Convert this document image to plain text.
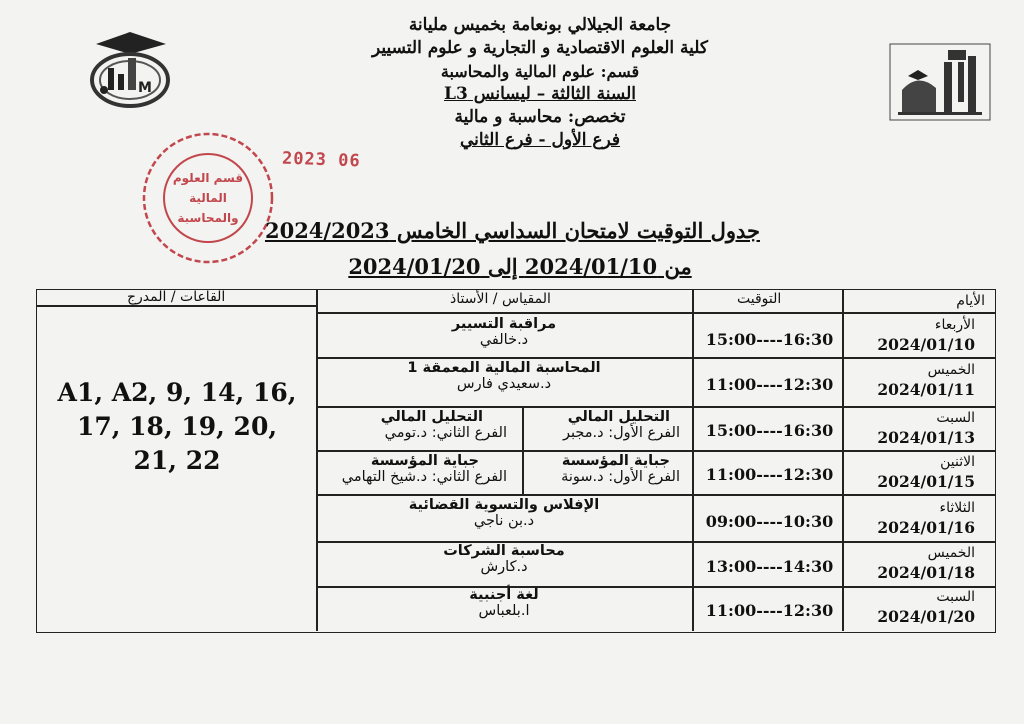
M
جامعة الجيلالي بونعامة بخميس مليانة
كلية العلوم الاقتصادية و التجارية و علوم التسيير
قسم: علوم المالية والمحاسبة
السنة الثالثة – ليسانس L3
تخصص: محاسبة و مالية
فرع الأول - فرع الثاني
قسم العلوم
المالية
والمحاسبة
2023 06
جدول التوقيت لامتحان السداسي الخامس 2024/2023
من 2024/01/10 إلى 2024/01/20
الأيام
التوقيت
المقياس / الأستاذ
القاعات / المدرج
A1, A2, 9, 14, 16, 17, 18, 19, 20, 21, 22
الأربعاء
2024/01/10
15:00----16:30
مراقبة التسيير
د.خالفي
الخميس
2024/01/11
11:00----12:30
المحاسبة المالية المعمقة 1
د.سعيدي فارس
السبت
2024/01/13
15:00----16:30
التحليل المالي
الفرع الأول: د.مجبر
التحليل المالي
الفرع الثاني: د.تومي
الاثنين
2024/01/15
11:00----12:30
جباية المؤسسة
الفرع الأول: د.سونة
جباية المؤسسة
الفرع الثاني: د.شيخ التهامي
الثلاثاء
2024/01/16
09:00----10:30
الإفلاس والتسوية القضائية
د.بن ناجي
الخميس
2024/01/18
13:00----14:30
محاسبة الشركات
د.كارش
السبت
2024/01/20
11:00----12:30
لغة أجنبية
ا.بلعباس
